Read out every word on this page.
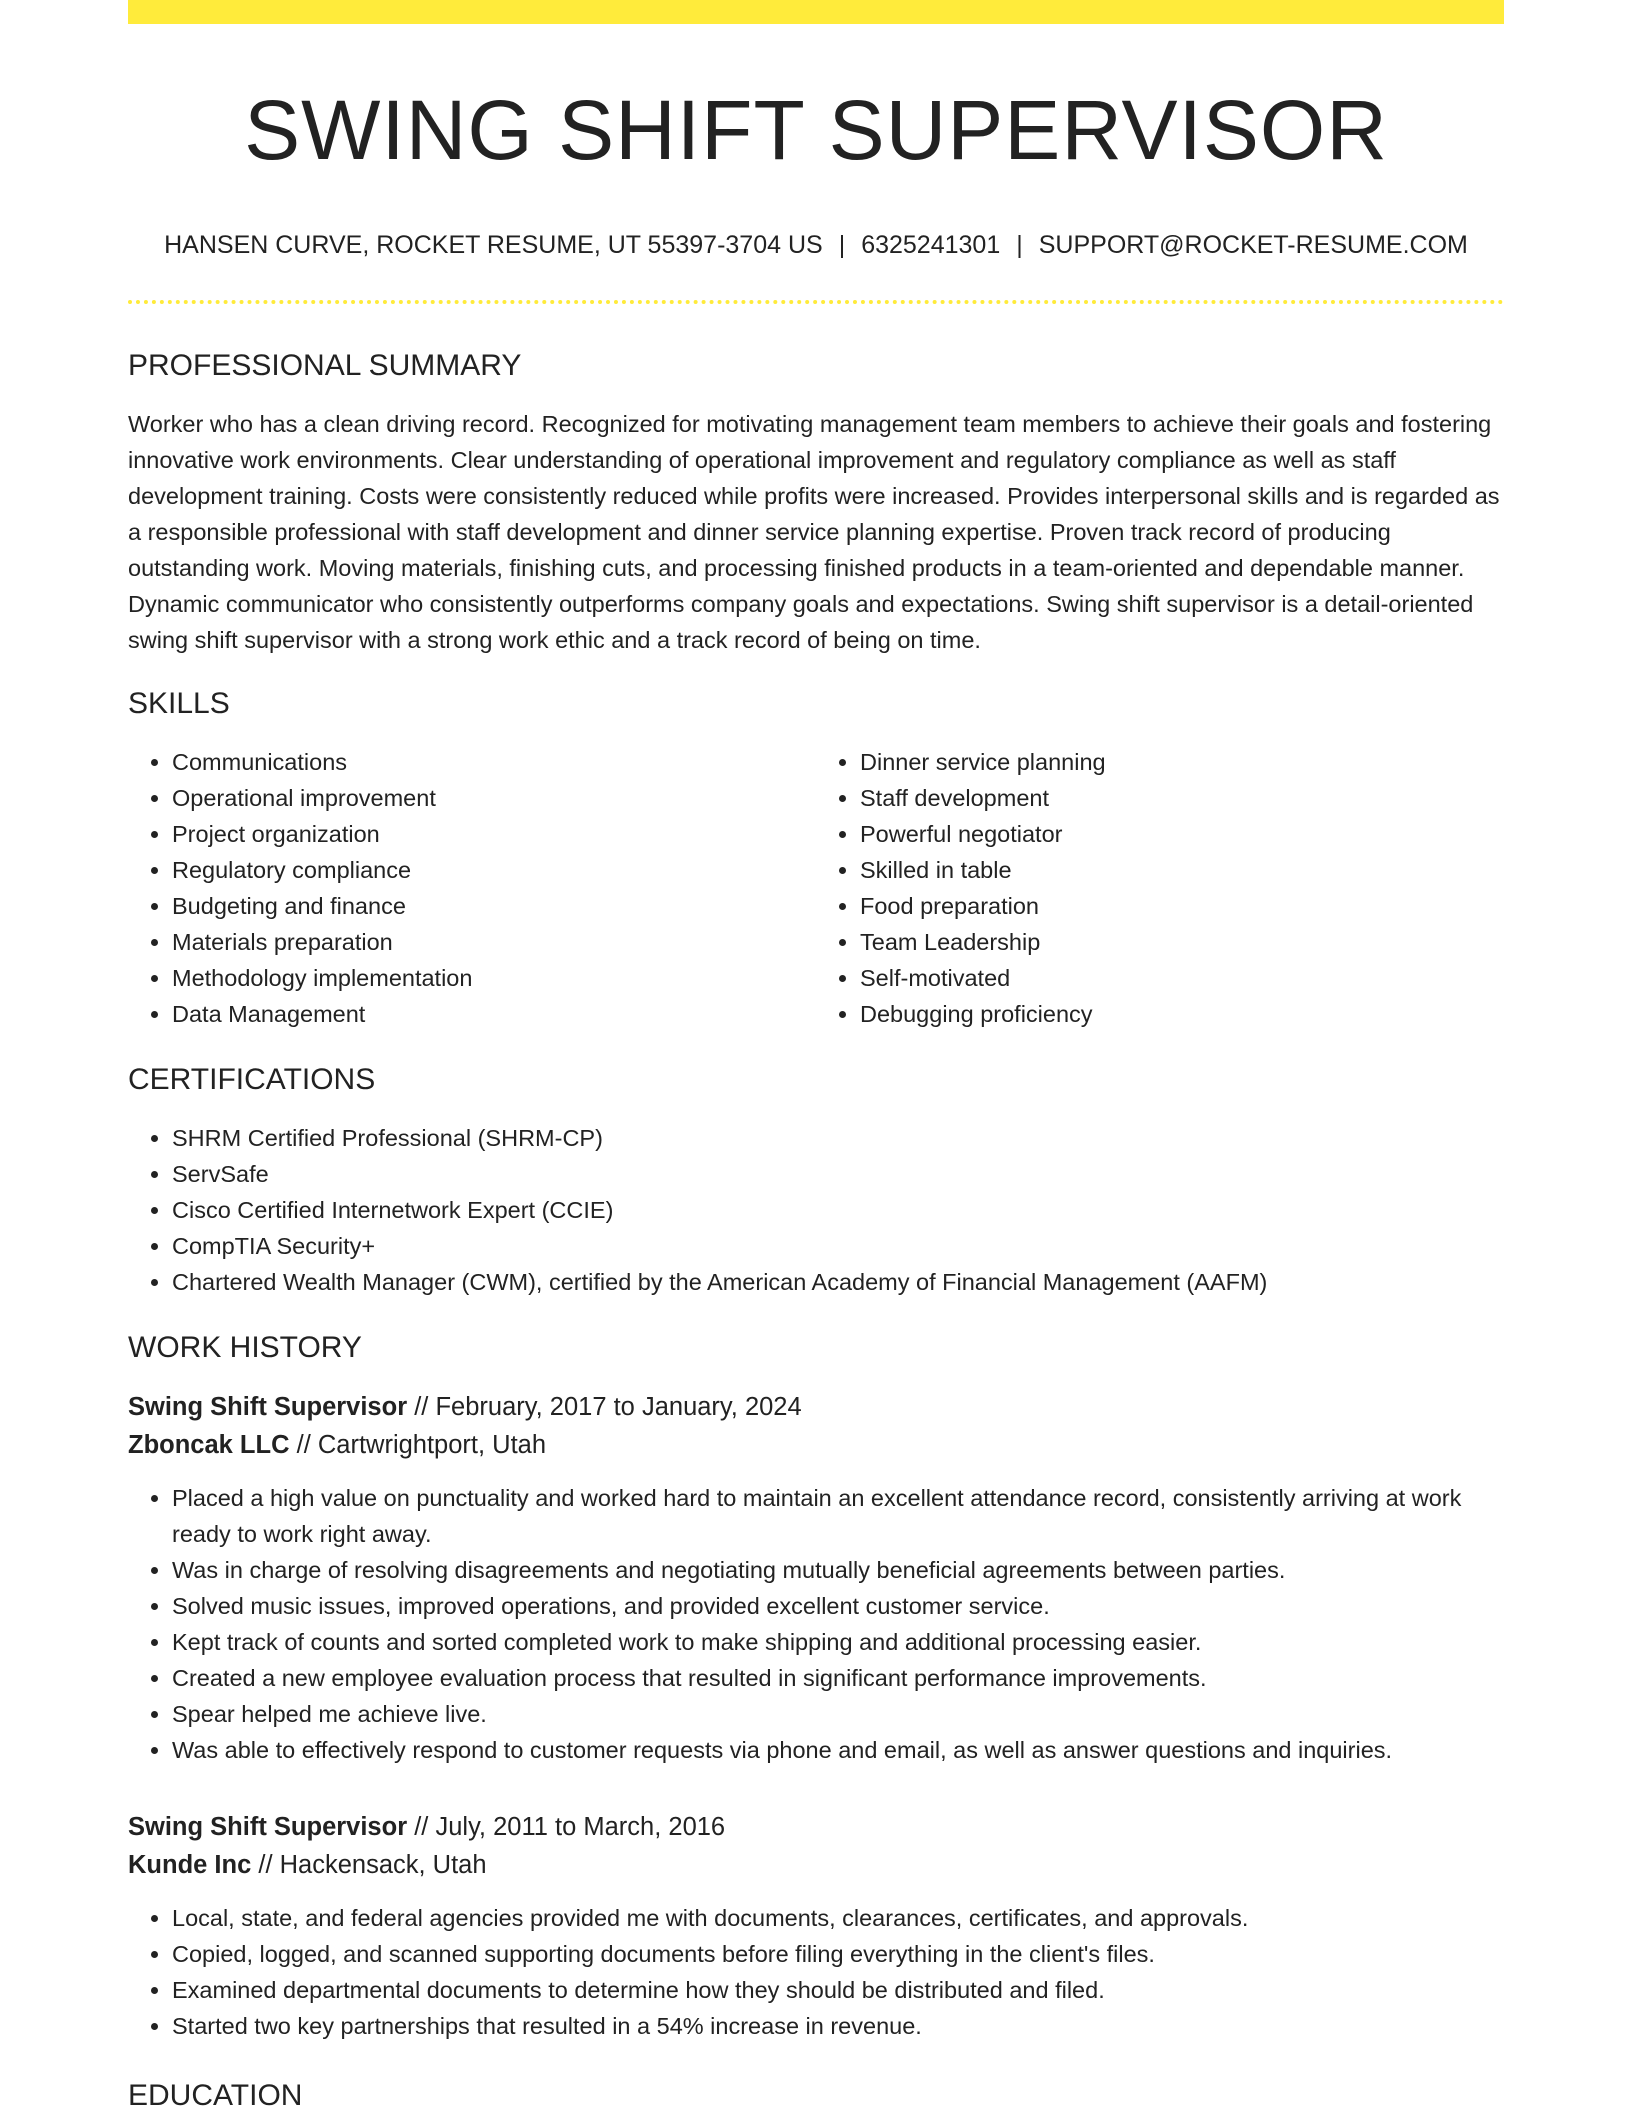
SWING SHIFT SUPERVISOR
HANSEN CURVE, ROCKET RESUME, UT 55397-3704 US | 6325241301 | SUPPORT@ROCKET-RESUME.COM
PROFESSIONAL SUMMARY

Worker who has a clean driving record. Recognized for motivating management team members to achieve their goals and fostering innovative work environments. Clear understanding of operational improvement and regulatory compliance as well as staff development training. Costs were consistently reduced while profits were increased. Provides interpersonal skills and is regarded as a responsible professional with staff development and dinner service planning expertise. Proven track record of producing outstanding work. Moving materials, finishing cuts, and processing finished products in a team-oriented and dependable manner. Dynamic communicator who consistently outperforms company goals and expectations. Swing shift supervisor is a detail-oriented swing shift supervisor with a strong work ethic and a track record of being on time.

SKILLS
• Communications
• Operational improvement
• Project organization
• Regulatory compliance
• Budgeting and finance
• Materials preparation
• Methodology implementation
• Data Management
• Dinner service planning
• Staff development
• Powerful negotiator
• Skilled in table
• Food preparation
• Team Leadership
• Self-motivated
• Debugging proficiency
CERTIFICATIONS
• SHRM Certified Professional (SHRM-CP)
• ServSafe
• Cisco Certified Internetwork Expert (CCIE)
• CompTIA Security+
• Chartered Wealth Manager (CWM), certified by the American Academy of Financial Management (AAFM)
WORK HISTORY
Swing Shift Supervisor // February, 2017 to January, 2024
Zboncak LLC // Cartwrightport, Utah
• Placed a high value on punctuality and worked hard to maintain an excellent attendance record, consistently arriving at work ready to work right away.
• Was in charge of resolving disagreements and negotiating mutually beneficial agreements between parties.
• Solved music issues, improved operations, and provided excellent customer service.
• Kept track of counts and sorted completed work to make shipping and additional processing easier.
• Created a new employee evaluation process that resulted in significant performance improvements.
• Spear helped me achieve live.
• Was able to effectively respond to customer requests via phone and email, as well as answer questions and inquiries.
Swing Shift Supervisor // July, 2011 to March, 2016
Kunde Inc // Hackensack, Utah
• Local, state, and federal agencies provided me with documents, clearances, certificates, and approvals.
• Copied, logged, and scanned supporting documents before filing everything in the client's files.
• Examined departmental documents to determine how they should be distributed and filed.
• Started two key partnerships that resulted in a 54% increase in revenue.
EDUCATION
